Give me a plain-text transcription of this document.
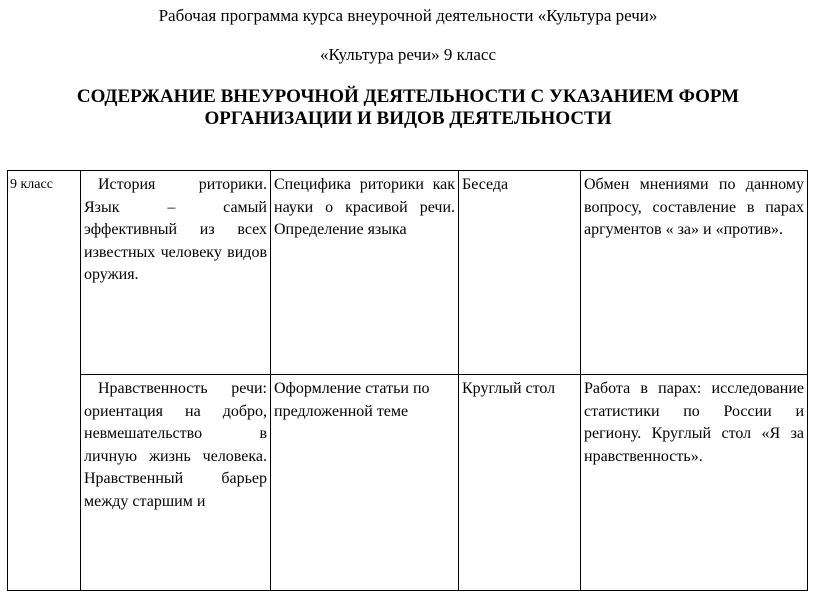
Рабочая программа курса внеурочной деятельности «Культура речи»
«Культура речи» 9 класс
СОДЕРЖАНИЕ ВНЕУРОЧНОЙ ДЕЯТЕЛЬНОСТИ С УКАЗАНИЕМ ФОРМ
ОРГАНИЗАЦИИ И ВИДОВ ДЕЯТЕЛЬНОСТИ
9 класс	История риторики. Язык – самый эффективный из всех известных человеку видов оружия.	Специфика риторики как науки о красивой речи. Определение языка	Беседа	Обмен мнениями по данному вопросу, составление в парах аргументов « за» и «против».
	Нравственность речи: ориентация на добро, невмешательство в личную жизнь человека. Нравственный барьер между старшим и	Оформление статьи по предложенной теме	Круглый стол	Работа в парах: исследование статистики по России и региону. Круглый стол «Я за нравственность».
